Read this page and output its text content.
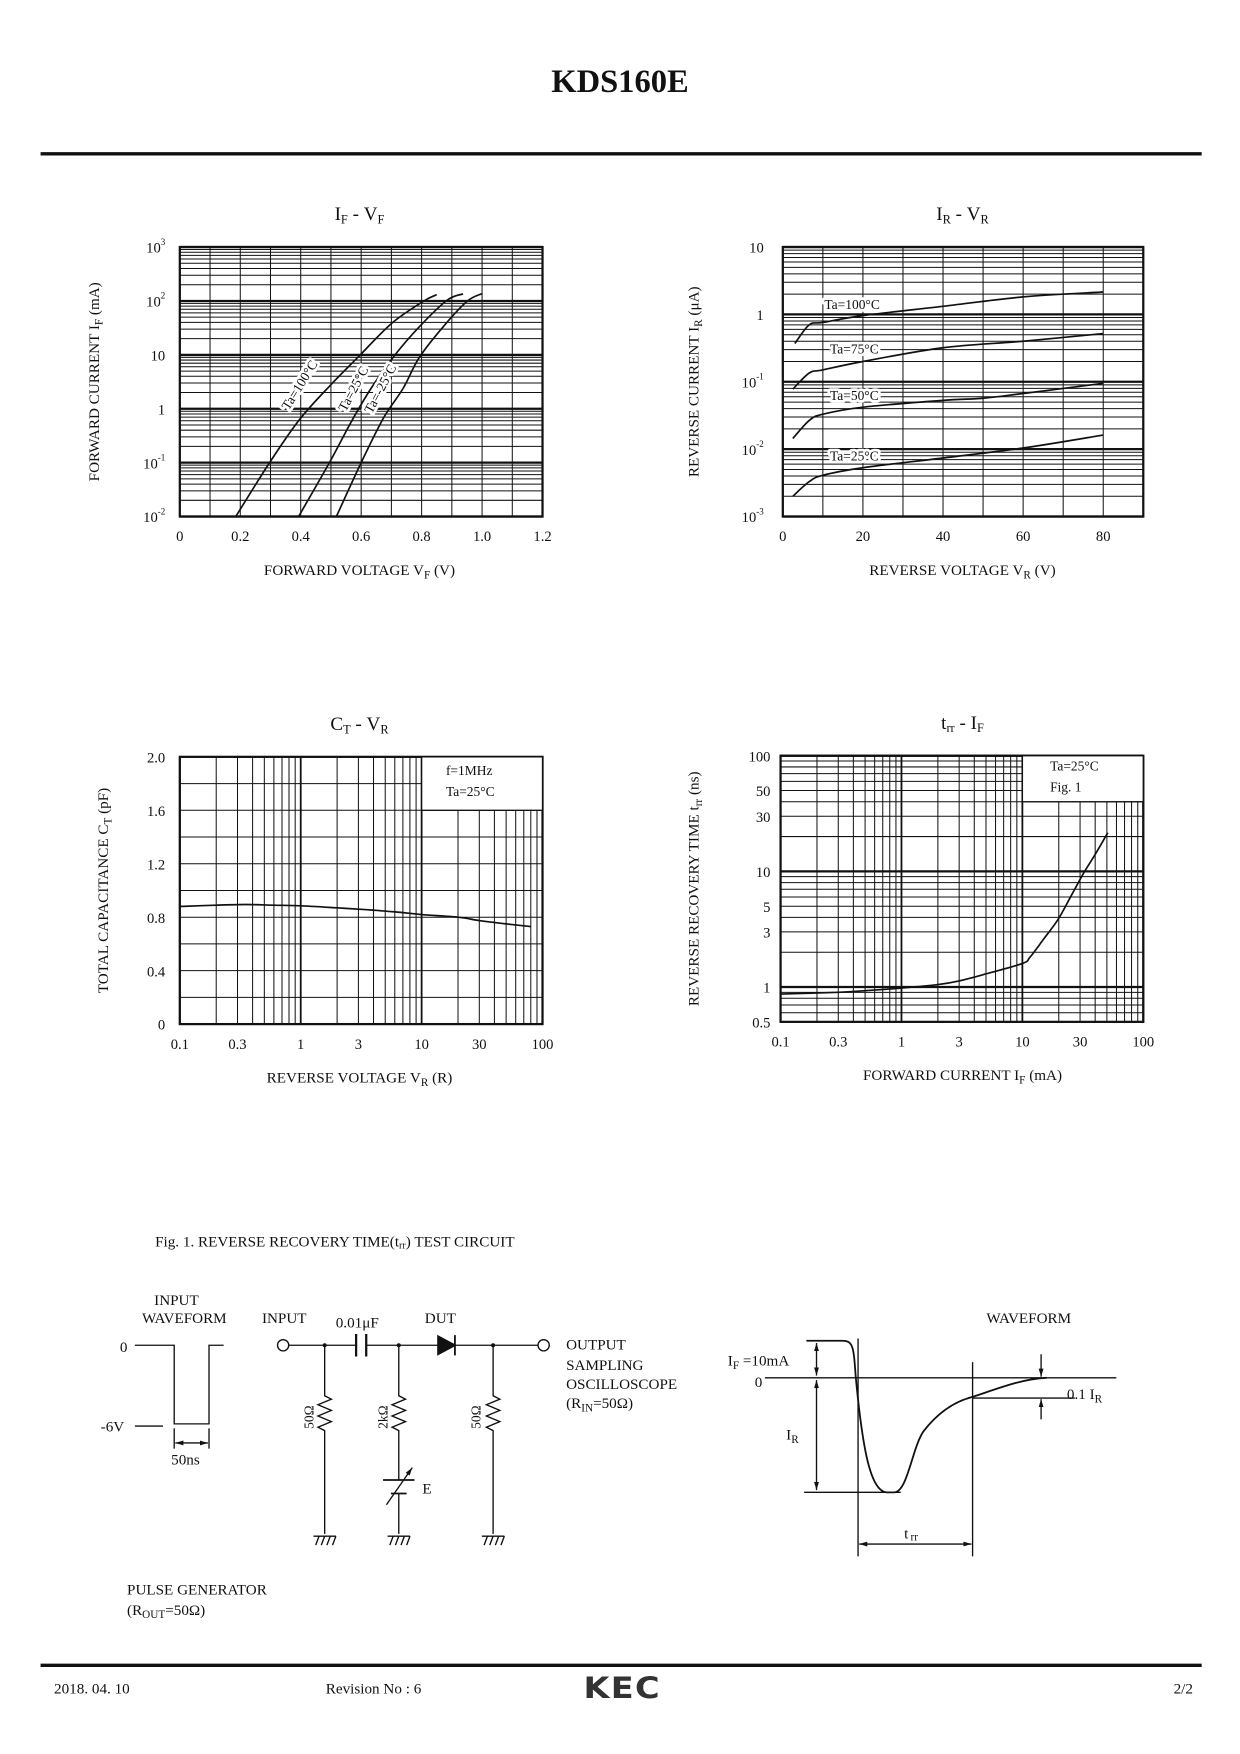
KDS160E
Ta=100°C Ta=25°C
Ta=-25°C
0	0.2	0.4	0.6	0.8	1.0	1.2
$10^3$
$10^2$
10
1
$10^{-1}$
$10^{-2}$
IF - VF
FORWARD VOLTAGE $V_F$ (V)
FORWARD CURRENT $I_F$ (mA)	Ta=100°C
Ta=75°C
Ta=50°C
Ta=25°C
0	20	40	60	80
10
1
$10^{-1}$
$10^{-2}$
$10^{-3}$
IR - VR
REVERSE VOLTAGE $V_R$ (V)
REVERSE CURRENT $I_R$ (μA)
f=1MHz
Ta=25°C
0.1	0.3	1	3	10	30	100
2.0
1.6
1.2
0.8
0.4
0
CT - VR
REVERSE VOLTAGE $V_R$ (R)
TOTAL CAPACITANCE $C_T$ (pF)
Ta=25°C
Fig. 1
0.1	0.3	1	3	10	30	100
100
50
30
10
5
3
1
0.5
trr - IF
FORWARD CURRENT $I_F$ (mA)
REVERSE RECOVERY TIME $t_{rr}$ (ns)
Fig. 1. REVERSE RECOVERY TIME(trr) TEST CIRCUIT
INPUT
WAVEFORM
0
-6V
50ns
INPUT 0.01μF	DUT
E
50Ω	2kΩ	50Ω
OUTPUT
SAMPLING
OSCILLOSCOPE
$(R_{IN}=50\Omega)$
PULSE GENERATOR
$(R_{OUT}=50\Omega)$
WAVEFORM
$I_F =10mA$
0
$I_R$
0.1 $I_R$
t rr
2018. 04. 10	Revision No : 6	KEC	2/2
